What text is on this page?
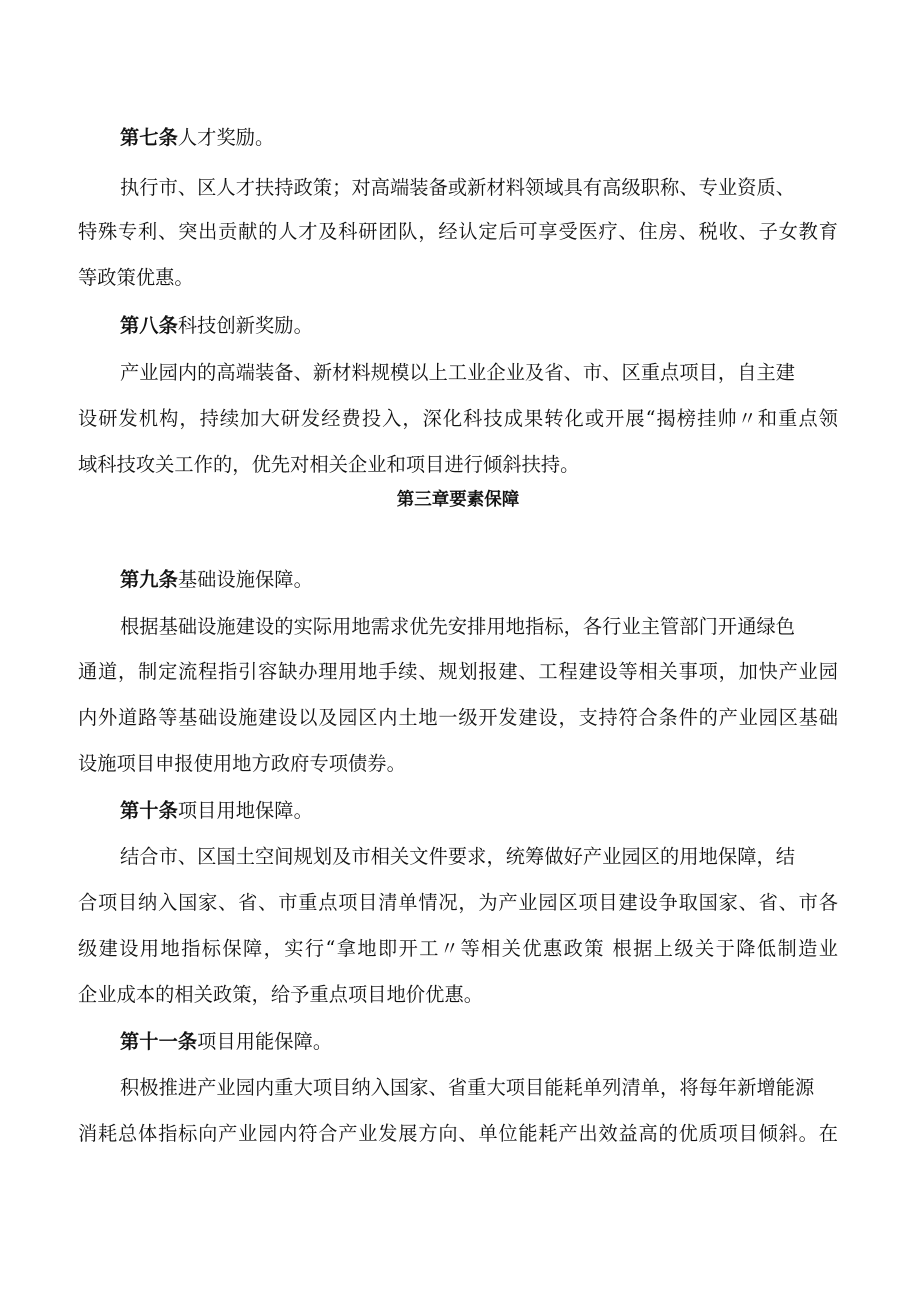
第七条人才奖励。
执行市、区人才扶持政策；对高端装备或新材料领域具有高级职称、专业资质、
特殊专利、突出贡献的人才及科研团队，经认定后可享受医疗、住房、税收、子女教育
等政策优惠。
第八条科技创新奖励。
产业园内的高端装备、新材料规模以上工业企业及省、市、区重点项目，自主建
设研发机构，持续加大研发经费投入，深化科技成果转化或开展“揭榜挂帅〃和重点领
域科技攻关工作的，优先对相关企业和项目进行倾斜扶持。
第三章要素保障
第九条基础设施保障。
根据基础设施建设的实际用地需求优先安排用地指标，各行业主管部门开通绿色
通道，制定流程指引容缺办理用地手续、规划报建、工程建设等相关事项，加快产业园
内外道路等基础设施建设以及园区内土地一级开发建设，支持符合条件的产业园区基础
设施项目申报使用地方政府专项债券。
第十条项目用地保障。
结合市、区国土空间规划及市相关文件要求，统筹做好产业园区的用地保障，结
合项目纳入国家、省、市重点项目清单情况，为产业园区项目建设争取国家、省、市各
级建设用地指标保障，实行“拿地即开工〃等相关优惠政策 根据上级关于降低制造业
企业成本的相关政策，给予重点项目地价优惠。
第十一条项目用能保障。
积极推进产业园内重大项目纳入国家、省重大项目能耗单列清单，将每年新增能源
消耗总体指标向产业园内符合产业发展方向、单位能耗产出效益高的优质项目倾斜。在
